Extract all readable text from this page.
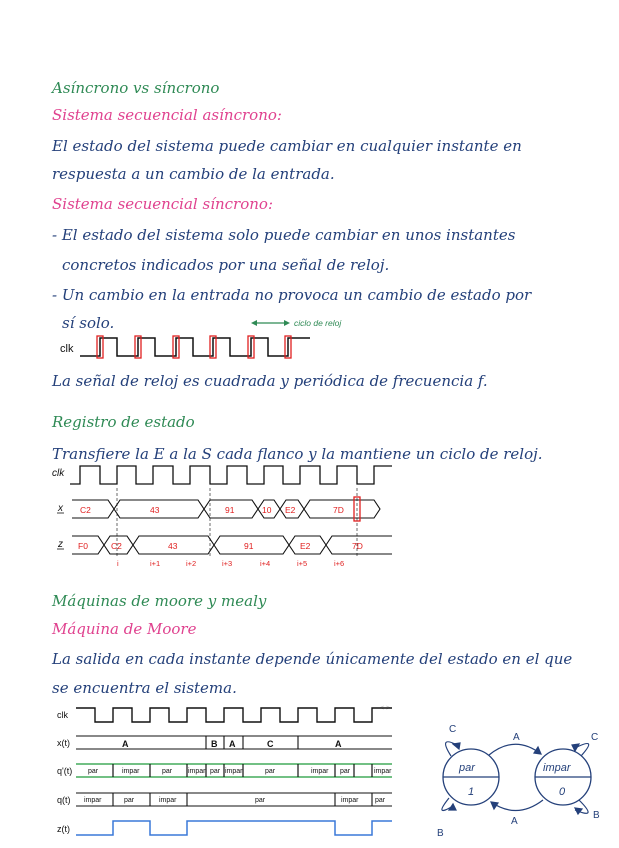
Asíncrono vs síncrono
Sistema secuencial asíncrono:
El estado del sistema puede cambiar en cualquier instante en
respuesta a un cambio de la entrada.
Sistema secuencial síncrono:
- El estado del sistema solo puede cambiar en unos instantes
concretos indicados por una señal de reloj.
- Un cambio en la entrada no provoca un cambio de estado por
sí solo.
clk
ciclo de reloj
La señal de reloj es cuadrada y periódica de frecuencia f.
Registro de estado
Transfiere la E a la S cada flanco y la mantiene un ciclo de reloj.
clk
x
z
C2	43	91	10 E2	7D
F0	C2	43	91	E2	7D
i	i+1	i+2	i+3	i+4	i+5	i+6
Máquinas de moore y mealy
Máquina de Moore
La salida en cada instante depende únicamente del estado en el que
se encuentra el sistema.
< >
clk
x(t)
q'(t)
q(t)
z(t)
A	B A	C	A
par	impar	par impar par impar	par	impar par	impar
impar	par	impar	par	impar par
par
1
impar
0
A
A
C
C
B
B
